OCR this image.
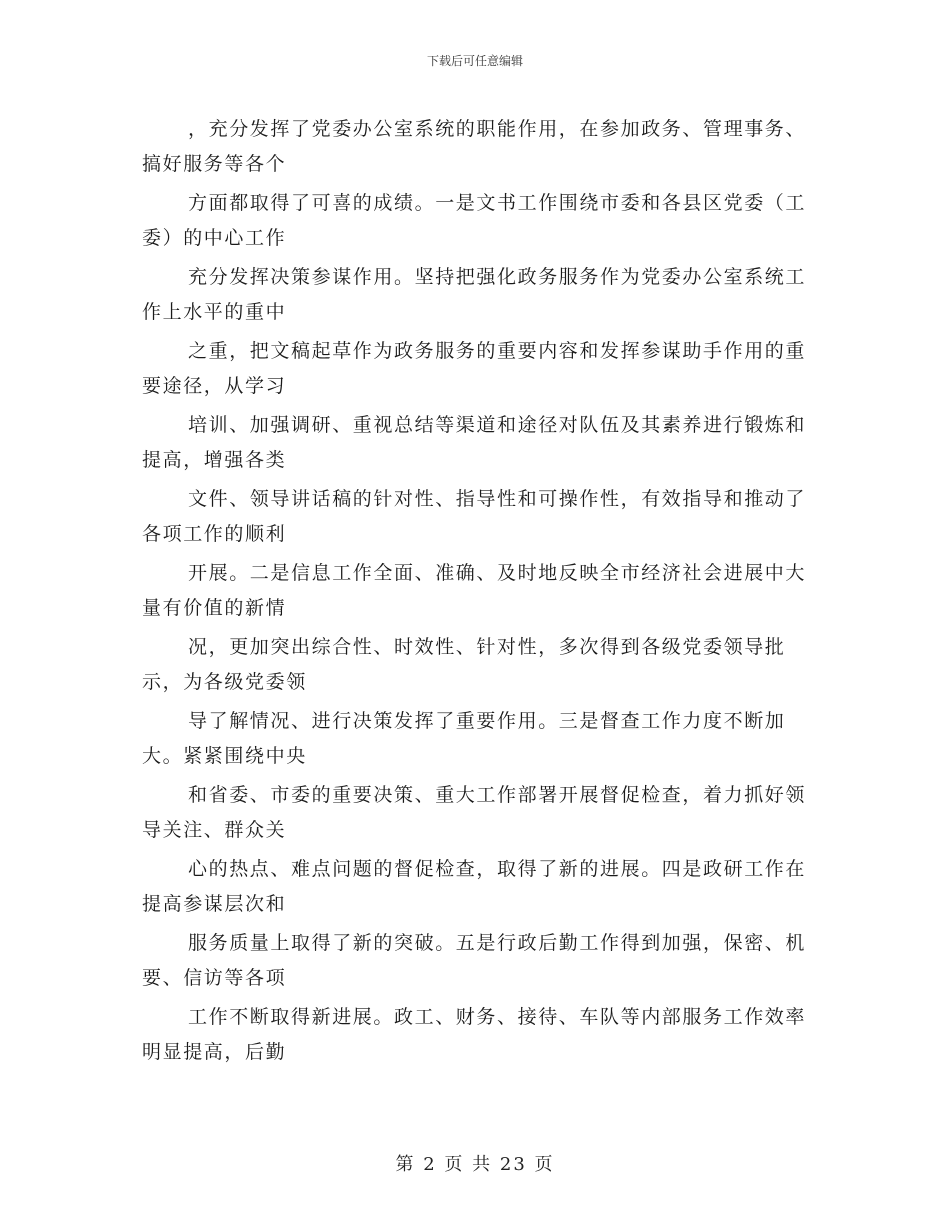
下载后可任意编辑

，充分发挥了党委办公室系统的职能作用，在参加政务、管理事务、搞好服务等各个

方面都取得了可喜的成绩。一是文书工作围绕市委和各县区党委（工委）的中心工作

充分发挥决策参谋作用。坚持把强化政务服务作为党委办公室系统工作上水平的重中

之重，把文稿起草作为政务服务的重要内容和发挥参谋助手作用的重要途径，从学习

培训、加强调研、重视总结等渠道和途径对队伍及其素养进行锻炼和提高，增强各类

文件、领导讲话稿的针对性、指导性和可操作性，有效指导和推动了各项工作的顺利

开展。二是信息工作全面、准确、及时地反映全市经济社会进展中大量有价值的新情

况，更加突出综合性、时效性、针对性，多次得到各级党委领导批示，为各级党委领

导了解情况、进行决策发挥了重要作用。三是督查工作力度不断加大。紧紧围绕中央

和省委、市委的重要决策、重大工作部署开展督促检查，着力抓好领导关注、群众关

心的热点、难点问题的督促检查，取得了新的进展。四是政研工作在提高参谋层次和

服务质量上取得了新的突破。五是行政后勤工作得到加强，保密、机要、信访等各项

工作不断取得新进展。政工、财务、接待、车队等内部服务工作效率明显提高，后勤

第 2 页 共 23 页
